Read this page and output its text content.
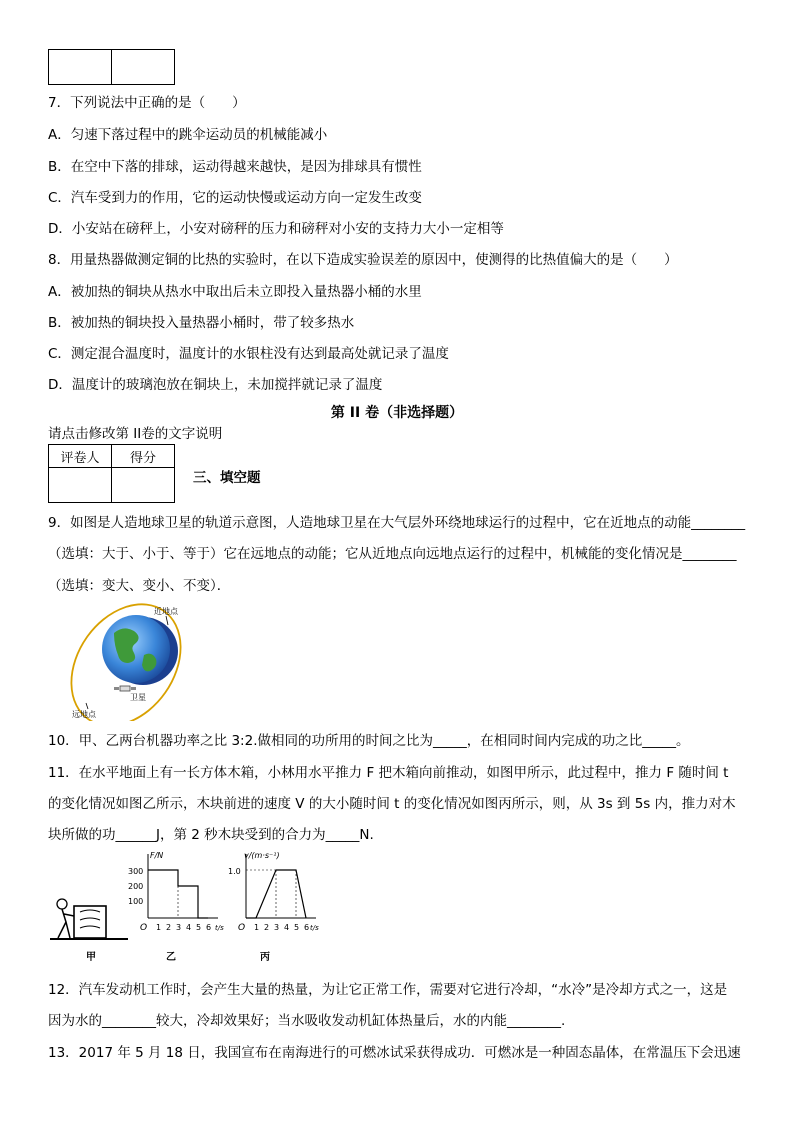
7．下列说法中正确的是（　　）
A．匀速下落过程中的跳伞运动员的机械能减小
B．在空中下落的排球，运动得越来越快，是因为排球具有惯性
C．汽车受到力的作用，它的运动快慢或运动方向一定发生改变
D．小安站在磅秤上，小安对磅秤的压力和磅秤对小安的支持力大小一定相等
8．用量热器做测定铜的比热的实验时，在以下造成实验误差的原因中，使测得的比热值偏大的是（　　）
A．被加热的铜块从热水中取出后未立即投入量热器小桶的水里
B．被加热的铜块投入量热器小桶时，带了较多热水
C．测定混合温度时，温度计的水银柱没有达到最高处就记录了温度
D．温度计的玻璃泡放在铜块上，未加搅拌就记录了温度
第 II 卷（非选择题）
请点击修改第 II卷的文字说明
评卷人	得分

三、填空题
9．如图是人造地球卫星的轨道示意图，人造地球卫星在大气层外环绕地球运行的过程中，它在近地点的动能________
（选填：大于、小于、等于）它在远地点的动能；它从近地点向远地点运行的过程中，机械能的变化情况是________
（选填：变大、变小、不变）．
近地点
卫星
远地点
10．甲、乙两台机器功率之比 3:2.做相同的功所用的时间之比为_____，在相同时间内完成的功之比_____。
11．在水平地面上有一长方体木箱，小林用水平推力 F 把木箱向前推动，如图甲所示，此过程中，推力 F 随时间 t
的变化情况如图乙所示，木块前进的速度 V 的大小随时间 t 的变化情况如图丙所示，则，从 3s 到 5s 内，推力对木
块所做的功______J，第 2 秒木块受到的合力为_____N.
甲
F/N
300
200
100
1 2 3 4 5 6 t/s
O
乙
v/(m·s⁻¹)
1.0
1 2 3 4 5 6 t/s
O
丙
12．汽车发动机工作时，会产生大量的热量，为让它正常工作，需要对它进行冷却，“水冷”是冷却方式之一，这是
因为水的________较大，冷却效果好；当水吸收发动机缸体热量后，水的内能________.
13．2017 年 5 月 18 日，我国宣布在南海进行的可燃冰试采获得成功．可燃冰是一种固态晶体，在常温压下会迅速
